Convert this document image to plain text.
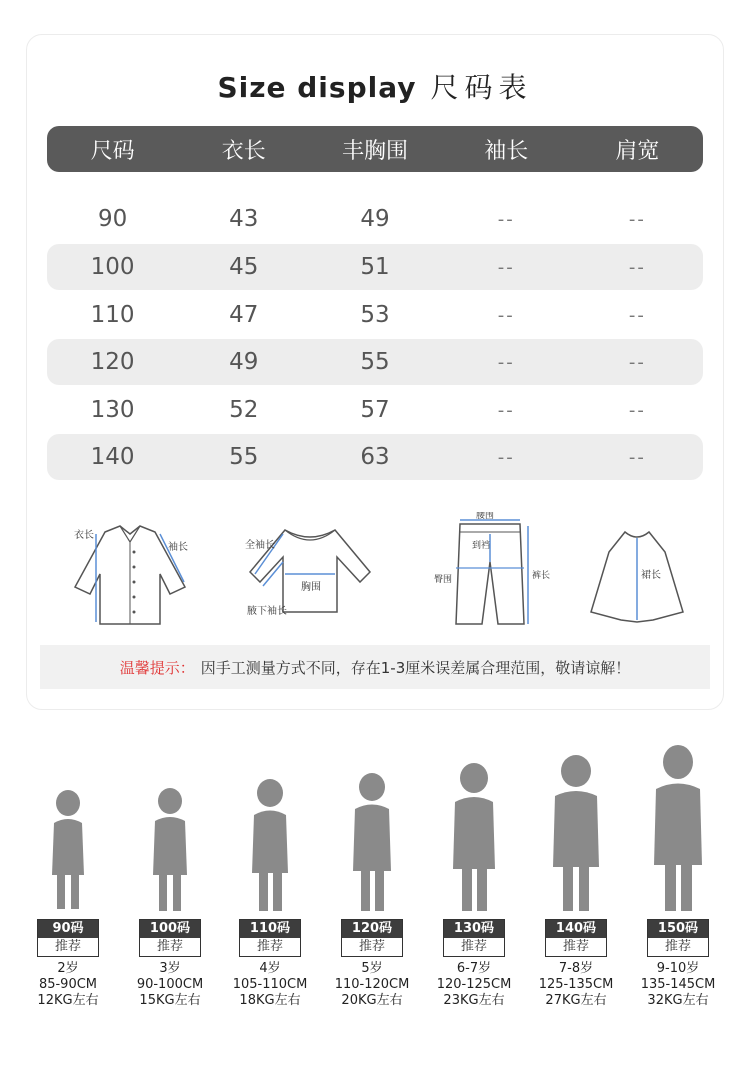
Size display 尺码表
尺码	衣长	丰胸围	袖长	肩宽
90	43	49	--	--
100	45	51	--	--
110	47	53	--	--
120	49	55	--	--
130	52	57	--	--
140	55	63	--	--
衣长
袖长	全袖长
胸围
腋下袖长
腰围
到裆
臀围	裤长	裙长
温馨提示： 因手工测量方式不同，存在1-3厘米误差属合理范围，敬请谅解！
90码
推荐
2岁
85-90CM
12KG左右
100码
推荐
3岁
90-100CM
15KG左右
110码
推荐
4岁
105-110CM
18KG左右
120码
推荐
5岁
110-120CM
20KG左右
130码
推荐
6-7岁
120-125CM
23KG左右
140码
推荐
7-8岁
125-135CM
27KG左右
150码
推荐
9-10岁
135-145CM
32KG左右
